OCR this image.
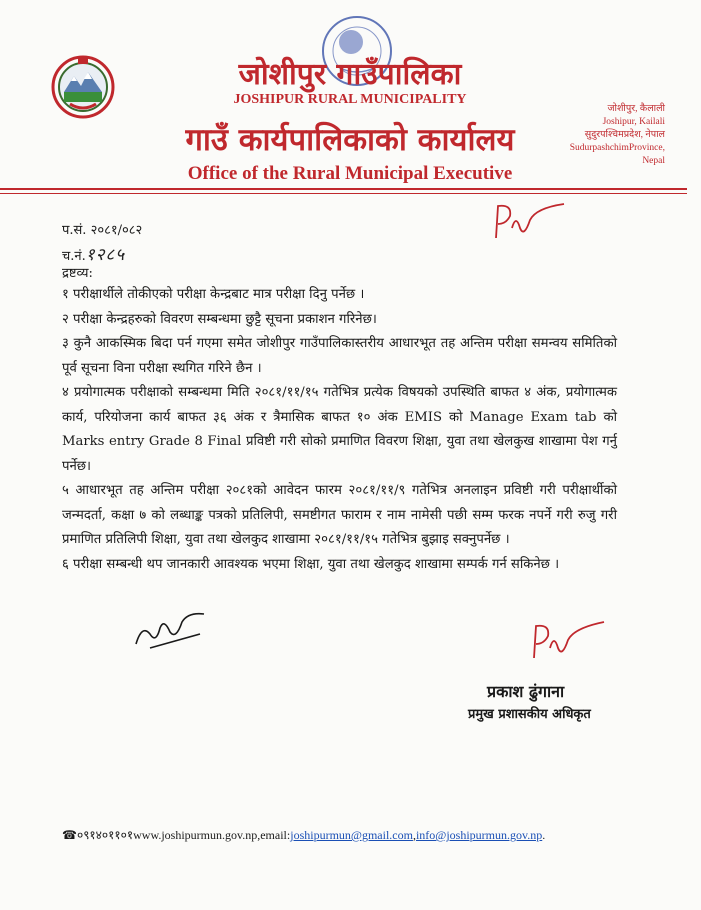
जोशीपुर गाउँपालिका
JOSHIPUR RURAL MUNICIPALITY
गाउँ कार्यपालिकाको कार्यालय
Office of the Rural Municipal Executive
जोशीपुर, कैलाली
Joshipur, Kailali
सुदुरपश्चिमप्रदेश, नेपाल
SudurpashchimProvince,
Nepal
प.सं. २०८१/०८२
च.नं.१२८५
द्रष्टव्य:

१ परीक्षार्थीले तोकीएको परीक्षा केन्द्रबाट मात्र परीक्षा दिनु पर्नेछ ।

२ परीक्षा केन्द्रहरुको विवरण सम्बन्धमा छुट्टै सूचना प्रकाशन गरिनेछ।

३ कुनै आकस्मिक बिदा पर्न गएमा समेत जोशीपुर गाउँपालिकास्तरीय आधारभूत तह अन्तिम परीक्षा समन्वय समितिको पूर्व सूचना विना परीक्षा स्थगित गरिने छैन ।

४ प्रयोगात्मक परीक्षाको सम्बन्धमा मिति २०८१/११/१५ गतेभित्र प्रत्येक विषयको उपस्थिति बाफत ४ अंक, प्रयोगात्मक कार्य, परियोजना कार्य बाफत ३६ अंक र त्रैमासिक बाफत १० अंक EMIS को Manage Exam tab को Marks entry Grade 8 Final प्रविष्टी गरी सोको प्रमाणित विवरण शिक्षा, युवा तथा खेलकुख शाखामा पेश गर्नु पर्नेछ।

५ आधारभूत तह अन्तिम परीक्षा २०८१को आवेदन फारम २०८१/११/९ गतेभित्र अनलाइन प्रविष्टी गरी परीक्षार्थीको जन्मदर्ता, कक्षा ७ को लब्धाङ्क पत्रको प्रतिलिपी, समष्टीगत फाराम र नाम नामेसी पछी सम्म फरक नपर्ने गरी रुजु गरी प्रमाणित प्रतिलिपी शिक्षा, युवा तथा खेलकुद शाखामा २०८१/११/१५ गतेभित्र बुझाइ सक्नुपर्नेछ ।

६ परीक्षा सम्बन्धी थप जानकारी आवश्यक भएमा शिक्षा, युवा तथा खेलकुद शाखामा सम्पर्क गर्न सकिनेछ ।

प्रकाश ढुंगाना
प्रमुख प्रशासकीय अधिकृत
☎०९१४०११०१www.joshipurmun.gov.np,email:joshipurmun@gmail.com,info@joshipurmun.gov.np.
